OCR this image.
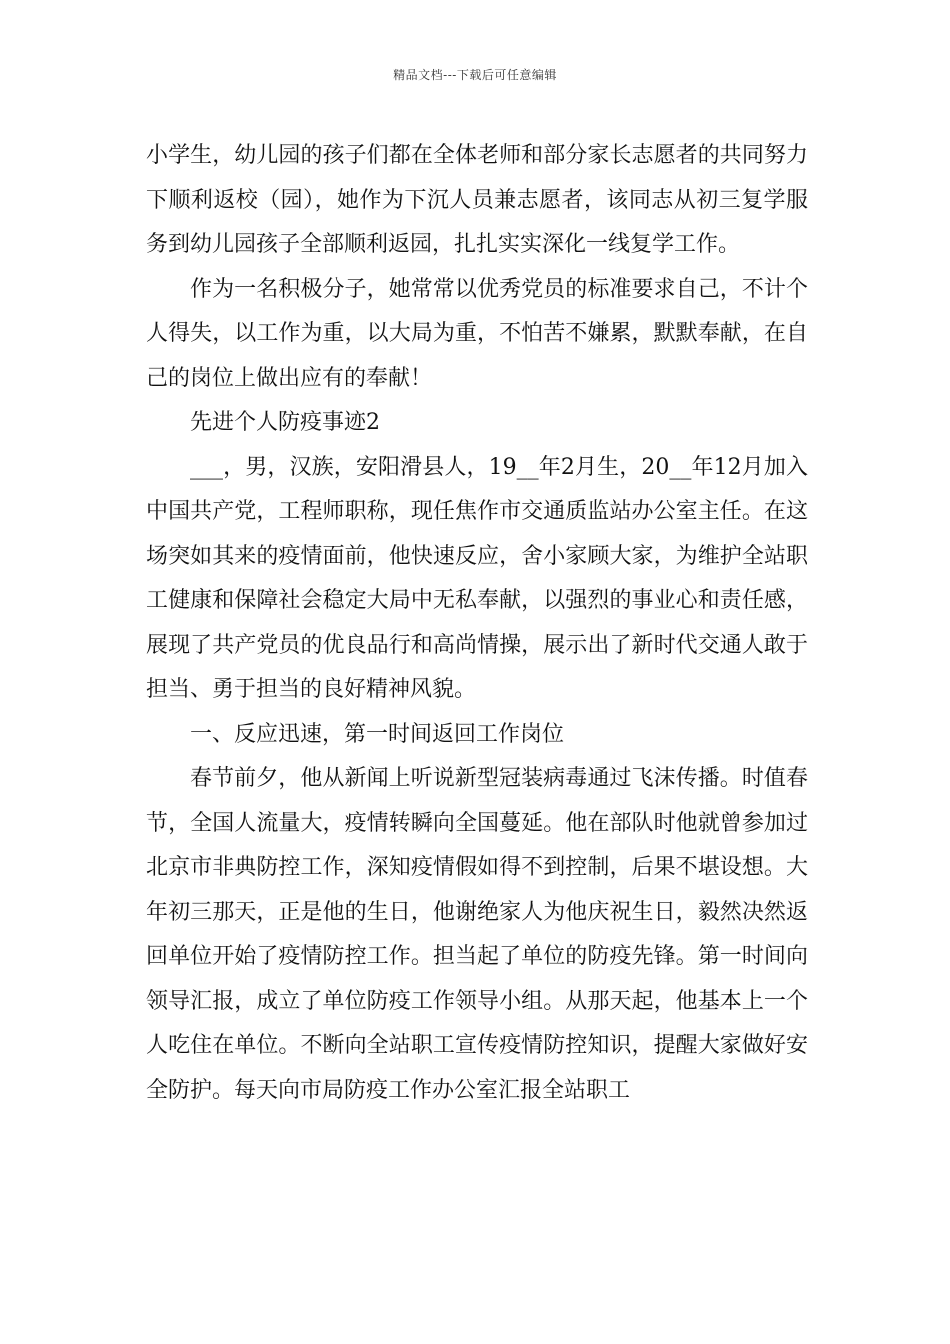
精品文档---下载后可任意编辑

小学生，幼儿园的孩子们都在全体老师和部分家长志愿者的共同努力下顺利返校（园），她作为下沉人员兼志愿者，该同志从初三复学服务到幼儿园孩子全部顺利返园，扎扎实实深化一线复学工作。

作为一名积极分子，她常常以优秀党员的标准要求自己，不计个人得失，以工作为重，以大局为重，不怕苦不嫌累，默默奉献，在自己的岗位上做出应有的奉献！

先进个人防疫事迹2

___，男，汉族，安阳滑县人，19__年2月生，20__年12月加入中国共产党，工程师职称，现任焦作市交通质监站办公室主任。在这场突如其来的疫情面前，他快速反应，舍小家顾大家，为维护全站职工健康和保障社会稳定大局中无私奉献，以强烈的事业心和责任感，展现了共产党员的优良品行和高尚情操，展示出了新时代交通人敢于担当、勇于担当的良好精神风貌。

一、反应迅速，第一时间返回工作岗位

春节前夕，他从新闻上听说新型冠装病毒通过飞沫传播。时值春节，全国人流量大，疫情转瞬向全国蔓延。他在部队时他就曾参加过北京市非典防控工作，深知疫情假如得不到控制，后果不堪设想。大年初三那天，正是他的生日，他谢绝家人为他庆祝生日，毅然决然返回单位开始了疫情防控工作。担当起了单位的防疫先锋。第一时间向领导汇报，成立了单位防疫工作领导小组。从那天起，他基本上一个人吃住在单位。不断向全站职工宣传疫情防控知识，提醒大家做好安全防护。每天向市局防疫工作办公室汇报全站职工
